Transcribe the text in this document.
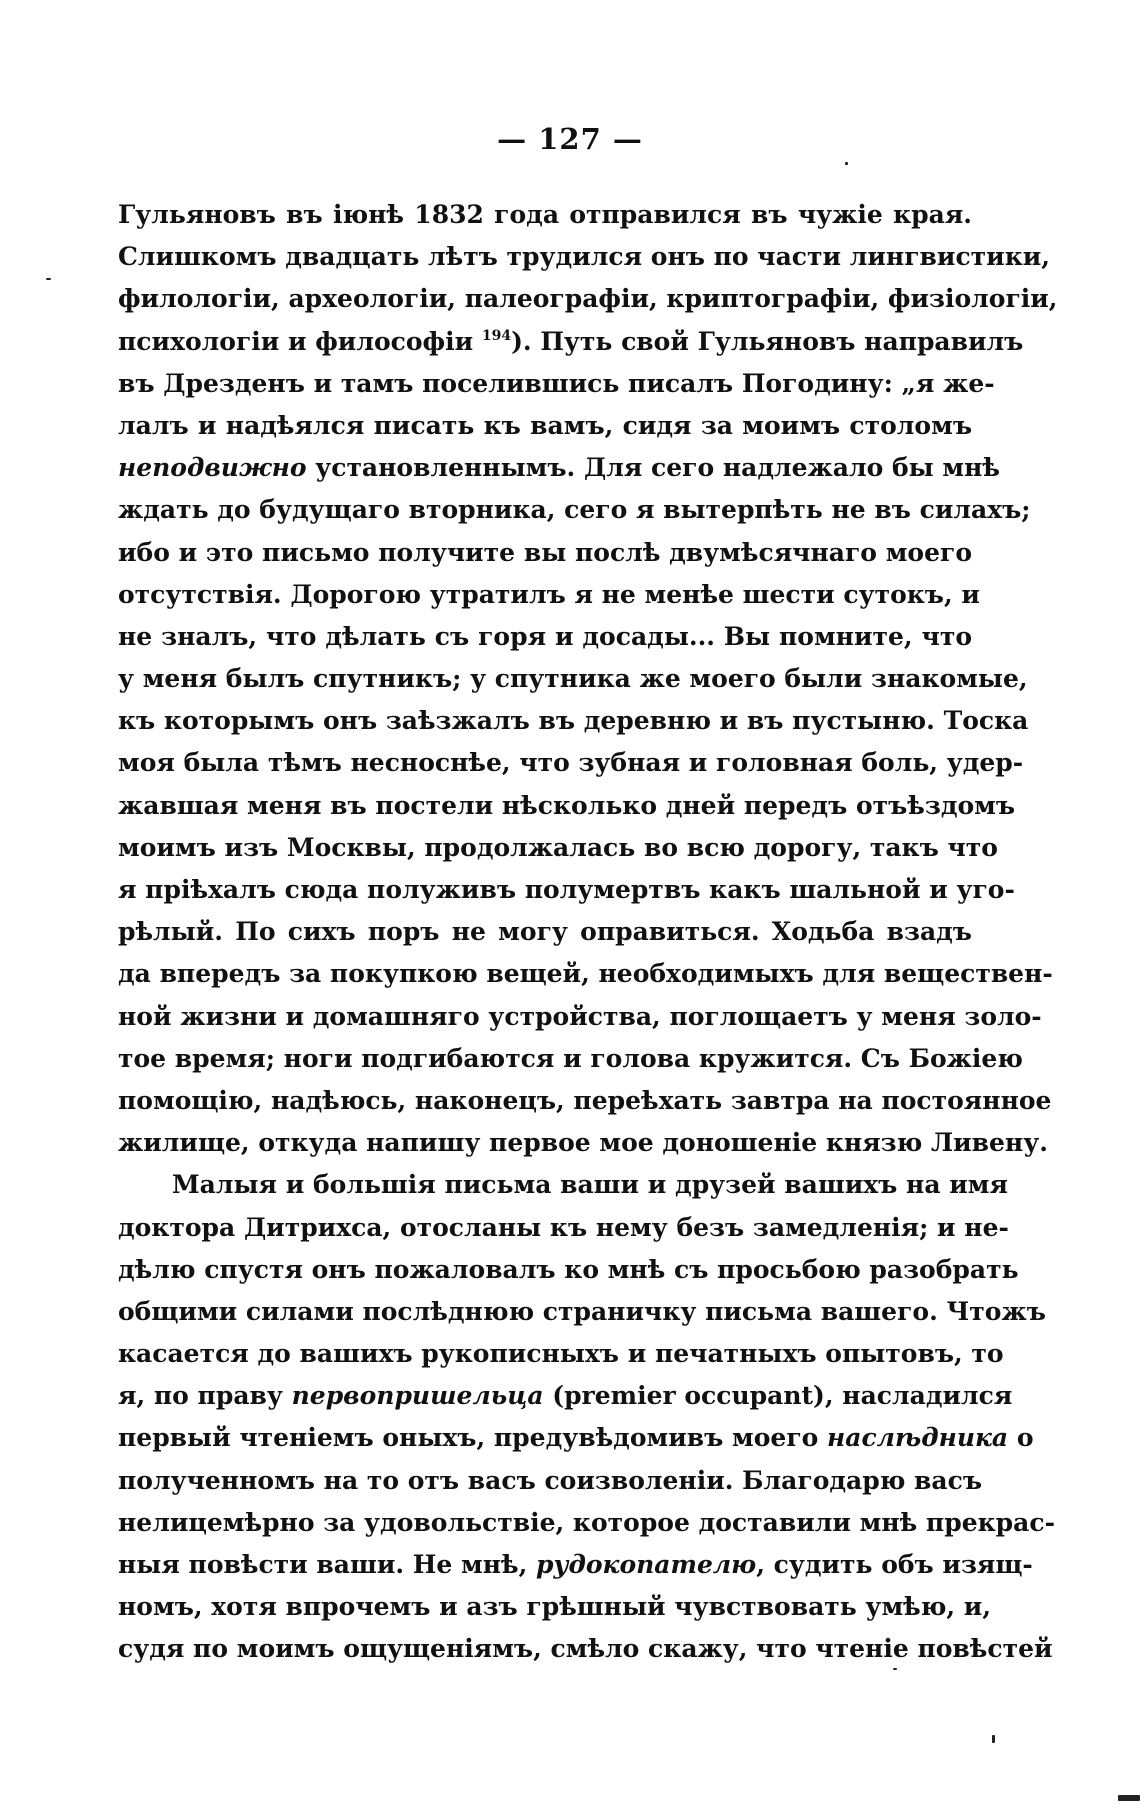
— 127 —
Гульяновъ въ іюнѣ 1832 года отправился въ чужіе края.
Слишкомъ двадцать лѣтъ трудился онъ по части лингвистики,
филологіи, археологіи, палеографіи, криптографіи, физіологіи,
психологіи и философіи $^{194}$). Путь свой Гульяновъ направилъ
въ Дрезденъ и тамъ поселившись писалъ Погодину: „я же-
лалъ и надѣялся писать къ вамъ, сидя за моимъ столомъ
неподвижно установленнымъ. Для сего надлежало бы мнѣ
ждать до будущаго вторника, сего я вытерпѣть не въ силахъ;
ибо и это письмо получите вы послѣ двумѣсячнаго моего
отсутствія. Дорогою утратилъ я не менѣе шести сутокъ, и
не зналъ, что дѣлать съ горя и досады... Вы помните, что
у меня былъ спутникъ; у спутника же моего были знакомые,
къ которымъ онъ заѣзжалъ въ деревню и въ пустыню. Тоска
моя была тѣмъ несноснѣе, что зубная и головная боль, удер-
жавшая меня въ постели нѣсколько дней передъ отъѣздомъ
моимъ изъ Москвы, продолжалась во всю дорогу, такъ что
я пріѣхалъ сюда полуживъ полумертвъ какъ шальной и уго-
рѣлый. По сихъ поръ не могу оправиться. Ходьба взадъ
да впередъ за покупкою вещей, необходимыхъ для веществен-
ной жизни и домашняго устройства, поглощаетъ у меня золо-
тое время; ноги подгибаются и голова кружится. Съ Божіею
помощію, надѣюсь, наконецъ, переѣхать завтра на постоянное
жилище, откуда напишу первое мое доношеніе князю Ливену.
Малыя и большія письма ваши и друзей вашихъ на имя
доктора Дитрихса, отосланы къ нему безъ замедленія; и не-
дѣлю спустя онъ пожаловалъ ко мнѣ съ просьбою разобрать
общими силами послѣднюю страничку письма вашего. Чтожъ
касается до вашихъ рукописныхъ и печатныхъ опытовъ, то
я, по праву первопришельца (premier occupant), насладился
первый чтеніемъ оныхъ, предувѣдомивъ моего наслѣдника о
полученномъ на то отъ васъ соизволеніи. Благодарю васъ
нелицемѣрно за удовольствіе, которое доставили мнѣ прекрас-
ныя повѣсти ваши. Не мнѣ, рудокопателю, судить объ изящ-
номъ, хотя впрочемъ и азъ грѣшный чувствовать умѣю, и,
судя по моимъ ощущеніямъ, смѣло скажу, что чтеніе повѣстей
